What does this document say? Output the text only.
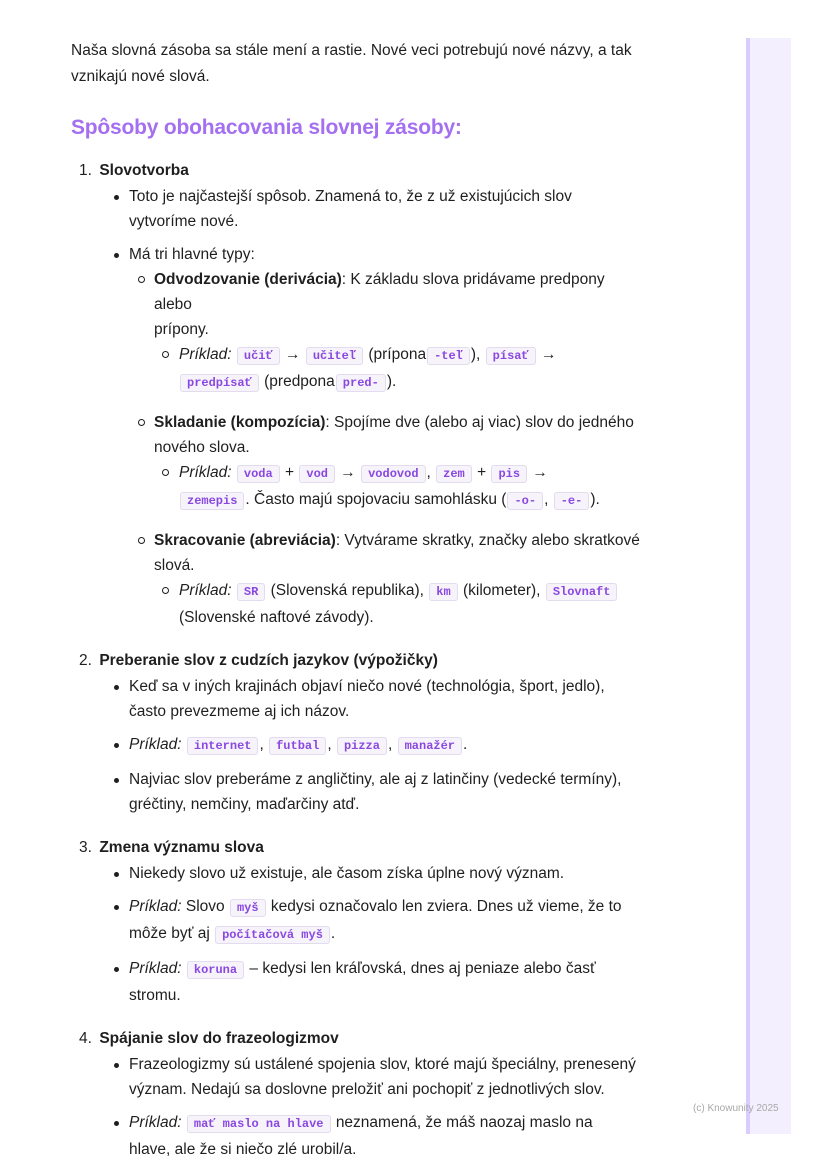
Naša slovná zásoba sa stále mení a rastie. Nové veci potrebujú nové názvy, a tak
vznikajú nové slová.

Spôsoby obohacovania slovnej zásoby:
1. Slovotvorba
Toto je najčastejší spôsob. Znamená to, že z už existujúcich slov
vytvoríme nové.
Má tri hlavné typy:
Odvodzovanie (derivácia): K základu slova pridávame predpony alebo
prípony.
Príklad: učiť → učiteľ (prípona -teľ ), písať →
predpísať (predpona pred- ).
Skladanie (kompozícia): Spojíme dve (alebo aj viac) slov do jedného
nového slova.
Príklad: voda + vod → vodovod , zem + pis →
zemepis . Často majú spojovaciu samohlásku ( -o- , -e- ).
Skracovanie (abreviácia): Vytvárame skratky, značky alebo skratkové
slová.
Príklad: SR (Slovenská republika), km (kilometer), Slovnaft
(Slovenské naftové závody).
2. Preberanie slov z cudzích jazykov (výpožičky)
Keď sa v iných krajinách objaví niečo nové (technológia, šport, jedlo),
často prevezmeme aj ich názov.
Príklad: internet , futbal , pizza , manažér .
Najviac slov preberáme z angličtiny, ale aj z latinčiny (vedecké termíny),
gréčtiny, nemčiny, maďarčiny atď.
3. Zmena významu slova
Niekedy slovo už existuje, ale časom získa úplne nový význam.
Príklad: Slovo myš kedysi označovalo len zviera. Dnes už vieme, že to
môže byť aj počítačová myš .
Príklad: koruna – kedysi len kráľovská, dnes aj peniaze alebo časť
stromu.
4. Spájanie slov do frazeologizmov
Frazeologizmy sú ustálené spojenia slov, ktoré majú špeciálny, prenesený
význam. Nedajú sa doslovne preložiť ani pochopiť z jednotlivých slov.
Príklad: mať maslo na hlave neznamená, že máš naozaj maslo na
hlave, ale že si niečo zlé urobil/a.
(c) Knowunity 2025
